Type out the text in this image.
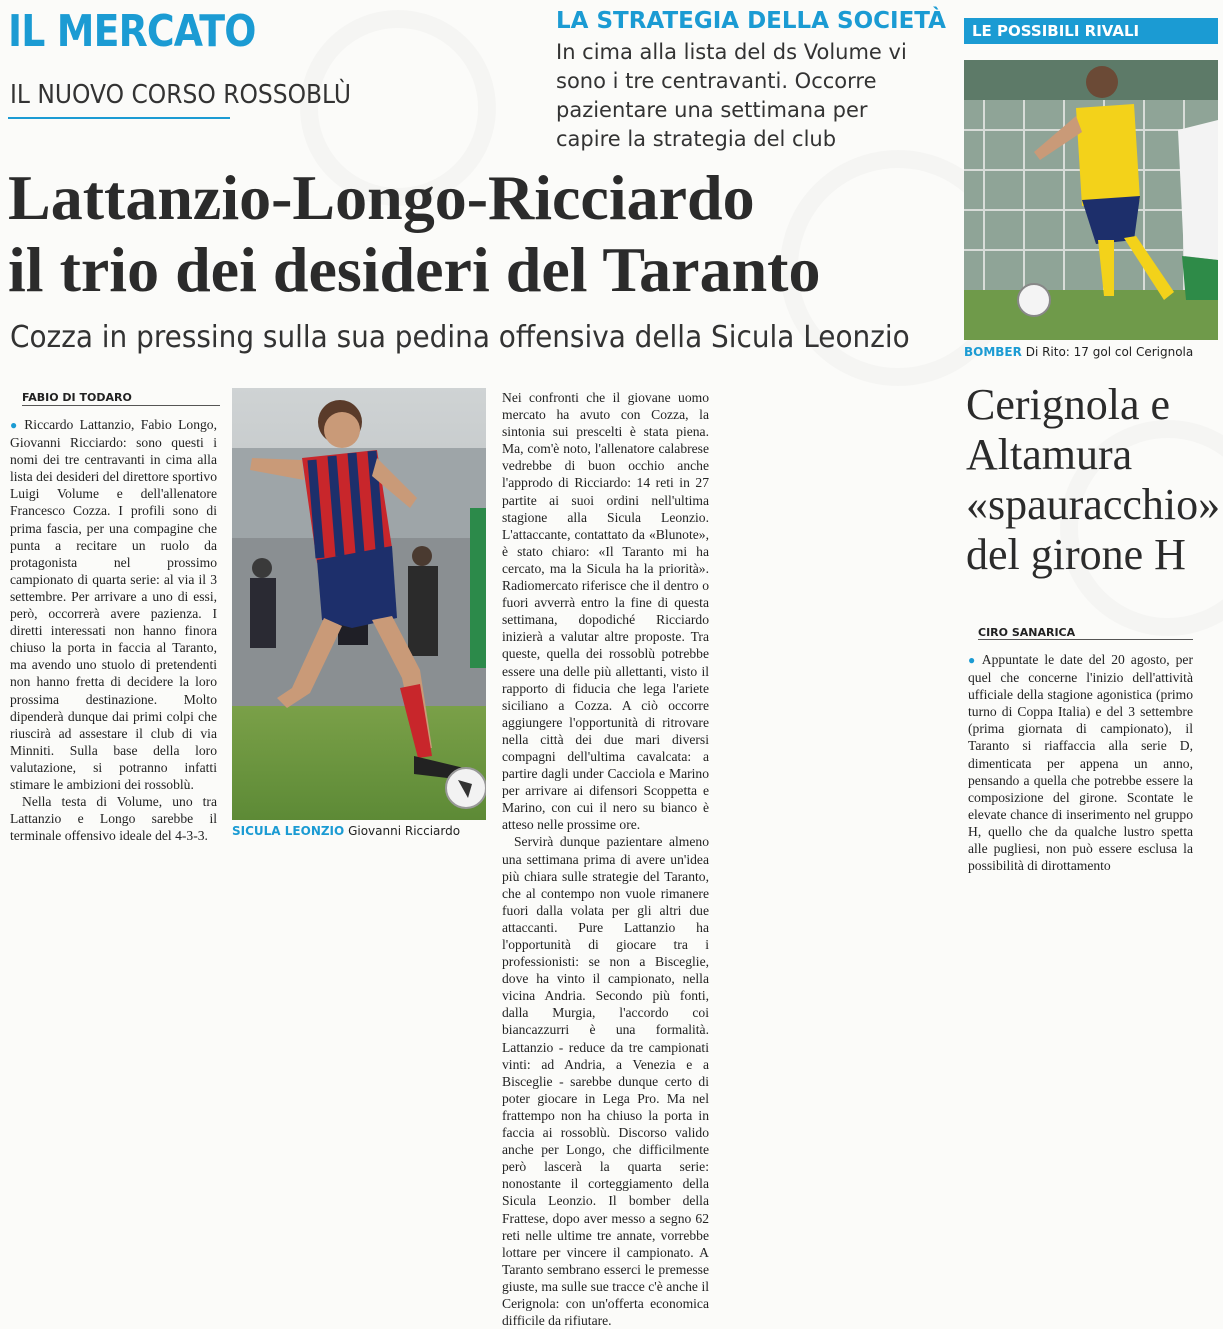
IL MERCATO
IL NUOVO CORSO ROSSOBLÙ
LA STRATEGIA DELLA SOCIETÀ
In cima alla lista del ds Volume vi sono i tre centravanti. Occorre pazientare una settimana per capire la strategia del club
Lattanzio-Longo-Ricciardo
il trio dei desideri del Taranto
Cozza in pressing sulla sua pedina offensiva della Sicula Leonzio
FABIO DI TODARO

● Riccardo Lattanzio, Fabio Longo, Giovanni Ricciardo: sono questi i nomi dei tre centravanti in cima alla lista dei desideri del direttore sportivo Luigi Volume e dell'allenatore Francesco Cozza. I profili sono di prima fascia, per una compagine che punta a recitare un ruolo da protagonista nel prossimo campionato di quarta serie: al via il 3 settembre. Per arrivare a uno di essi, però, occorrerà avere pazienza. I diretti interessati non hanno finora chiuso la porta in faccia al Taranto, ma avendo uno stuolo di pretendenti non hanno fretta di decidere la loro prossima destinazione. Molto dipenderà dunque dai primi colpi che riuscirà ad assestare il club di via Minniti. Sulla base della loro valutazione, si potranno infatti stimare le ambizioni dei rossoblù.

Nella testa di Volume, uno tra Lattanzio e Longo sarebbe il terminale offensivo ideale del 4-3-3.	SICULA LEONZIO Giovanni Ricciardo

Nei confronti che il giovane uomo mercato ha avuto con Cozza, la sintonia sui prescelti è stata piena. Ma, com'è noto, l'allenatore calabrese vedrebbe di buon occhio anche l'approdo di Ricciardo: 14 reti in 27 partite ai suoi ordini nell'ultima stagione alla Sicula Leonzio. L'attaccante, contattato da «Blunote», è stato chiaro: «Il Taranto mi ha cercato, ma la Sicula ha la priorità». Radiomercato riferisce che il dentro o fuori avverrà entro la fine di questa settimana, dopodiché Ricciardo inizierà a valutar altre proposte. Tra queste, quella dei rossoblù potrebbe essere una delle più allettanti, visto il rapporto di fiducia che lega l'ariete siciliano a Cozza. A ciò occorre aggiungere l'opportunità di ritrovare nella città dei due mari diversi compagni dell'ultima cavalcata: a partire dagli under Cacciola e Marino per arrivare ai difensori Scoppetta e Marino, con cui il nero su bianco è atteso nelle prossime ore.

Servirà dunque pazientare almeno una settimana prima di avere un'idea più chiara sulle strategie del Taranto, che al contempo non vuole rimanere fuori dalla volata per gli altri due attaccanti. Pure Lattanzio ha l'opportunità di giocare tra i professionisti: se non a Bisceglie, dove ha vinto il campionato, nella vicina Andria. Secondo più fonti, dalla Murgia, l'accordo coi biancazzurri è una formalità. Lattanzio - reduce da tre campionati vinti: ad Andria, a Venezia e a Bisceglie - sarebbe dunque certo di poter giocare in Lega Pro. Ma nel frattempo non ha chiuso la porta in faccia ai rossoblù. Discorso valido anche per Longo, che difficilmente però lascerà la quarta serie: nonostante il corteggiamento della Sicula Leonzio. Il bomber della Frattese, dopo aver messo a segno 62 reti nelle ultime tre annate, vorrebbe lottare per vincere il campionato. A Taranto sembrano esserci le premesse giuste, ma sulle sue tracce c'è anche il Cerignola: con un'offerta economica difficile da rifiutare.

LE POSSIBILI RIVALI
BOMBER Di Rito: 17 gol col Cerignola
Cerignola e Altamura «spauracchio» del girone H
CIRO SANARICA

● Appuntate le date del 20 agosto, per quel che concerne l'inizio dell'attività ufficiale della stagione agonistica (primo turno di Coppa Italia) e del 3 settembre (prima giornata di campionato), il Taranto si riaffaccia alla serie D, dimenticata per appena un anno, pensando a quella che potrebbe essere la composizione del girone. Scontate le elevate chance di inserimento nel gruppo H, quello che da qualche lustro spetta alle pugliesi, non può essere esclusa la possibilità di dirottamento
